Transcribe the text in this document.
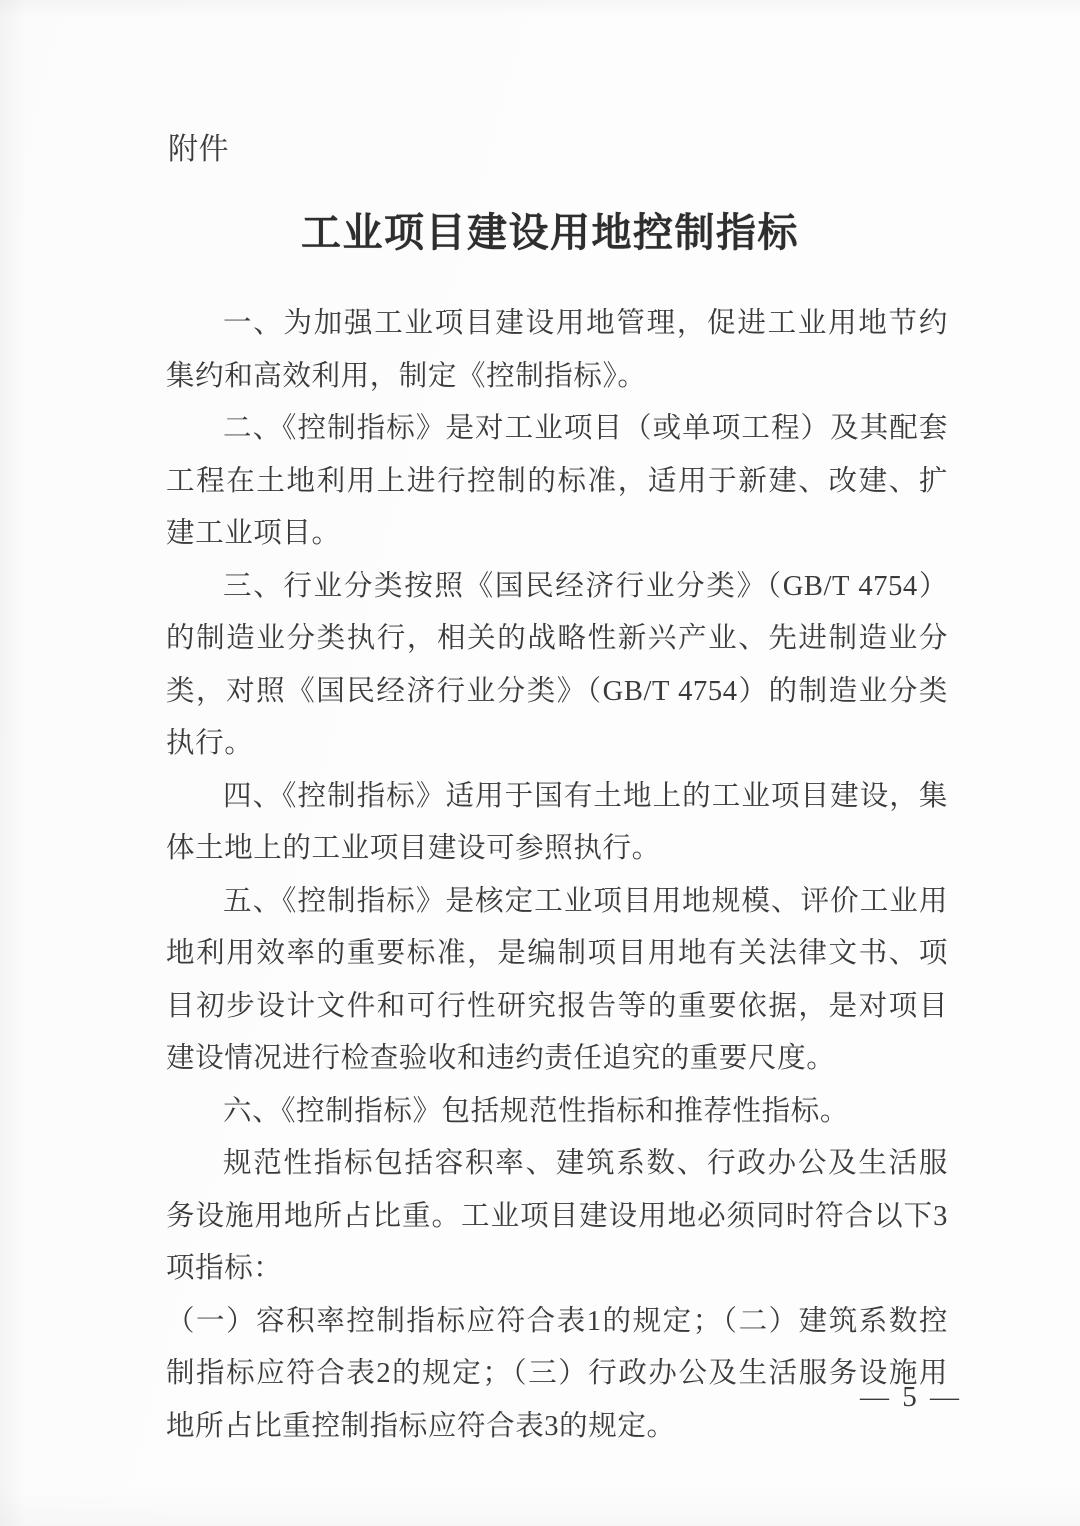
附件
工业项目建设用地控制指标

一、为加强工业项目建设用地管理，促进工业用地节约集约和高效利用，制定《控制指标》。

二、《控制指标》是对工业项目（或单项工程）及其配套工程在土地利用上进行控制的标准，适用于新建、改建、扩建工业项目。

三、行业分类按照《国民经济行业分类》（GB/T 4754）的制造业分类执行，相关的战略性新兴产业、先进制造业分类，对照《国民经济行业分类》（GB/T 4754）的制造业分类执行。

四、《控制指标》适用于国有土地上的工业项目建设，集体土地上的工业项目建设可参照执行。

五、《控制指标》是核定工业项目用地规模、评价工业用地利用效率的重要标准，是编制项目用地有关法律文书、项目初步设计文件和可行性研究报告等的重要依据，是对项目建设情况进行检查验收和违约责任追究的重要尺度。

六、《控制指标》包括规范性指标和推荐性指标。

规范性指标包括容积率、建筑系数、行政办公及生活服务设施用地所占比重。工业项目建设用地必须同时符合以下3项指标：

（一）容积率控制指标应符合表1的规定；（二）建筑系数控制指标应符合表2的规定；（三）行政办公及生活服务设施用地所占比重控制指标应符合表3的规定。

— 5 —
